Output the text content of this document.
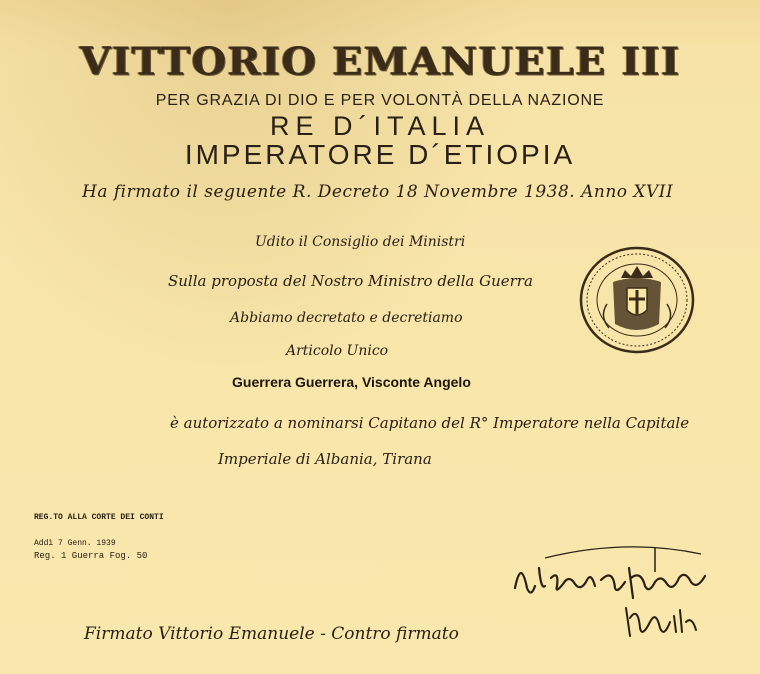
VITTORIO EMANUELE III
PER GRAZIA DI DIO E PER VOLONTÀ DELLA NAZIONE
RE D´ITALIA
IMPERATORE D´ETIOPIA
Ha firmato il seguente R. Decreto 18 Novembre 1938. Anno XVII
Udito il Consiglio dei Ministri
Sulla proposta del Nostro Ministro della Guerra
Abbiamo decretato e decretiamo
Articolo Unico
Guerrera Guerrera, Visconte Angelo
è autorizzato a nominarsi Capitano del R° Imperatore nella Capitale
Imperiale di Albania, Tirana
REG.TO ALLA CORTE DEI CONTI
Addì 7 Genn. 1939
Reg. 1 Guerra Fog. 50
Firmato Vittorio Emanuele - Contro firmato
